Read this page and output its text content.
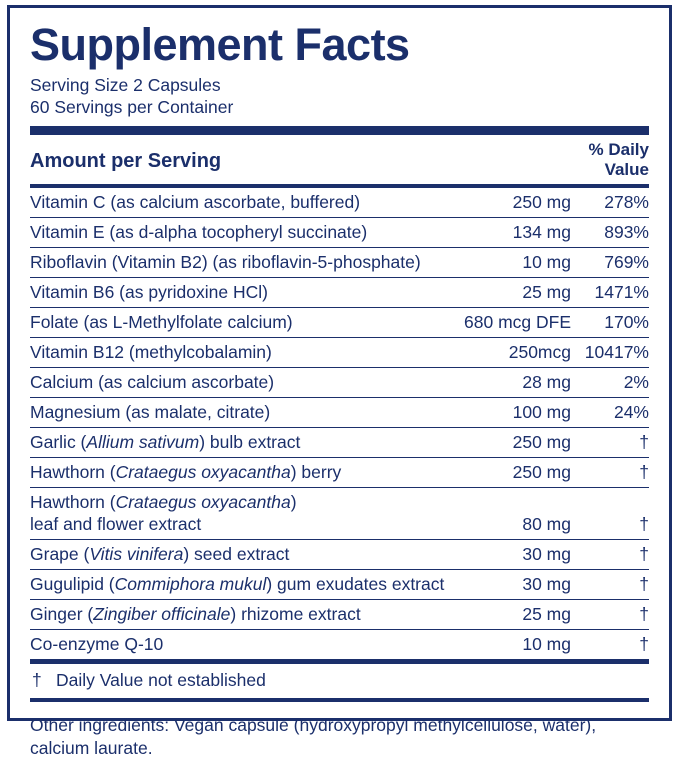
Supplement Facts
Serving Size 2 Capsules
60 Servings per Container
Amount per Serving
% Daily
Value
Vitamin C (as calcium ascorbate, buffered)	250 mg	278%
Vitamin E (as d-alpha tocopheryl succinate)	134 mg	893%
Riboflavin (Vitamin B2) (as riboflavin-5-phosphate)	10 mg	769%
Vitamin B6 (as pyridoxine HCl)	25 mg	1471%
Folate (as L-Methylfolate calcium)	680 mcg DFE	170%
Vitamin B12 (methylcobalamin)	250mcg	10417%
Calcium (as calcium ascorbate)	28 mg	2%
Magnesium (as malate, citrate)	100 mg	24%
Garlic (Allium sativum) bulb extract	250 mg	†
Hawthorn (Crataegus oxyacantha) berry	250 mg	†
Hawthorn (Crataegus oxyacantha)		
leaf and flower extract	80 mg	†
Grape (Vitis vinifera) seed extract	30 mg	†
Gugulipid (Commiphora mukul) gum exudates extract	30 mg	†
Ginger (Zingiber officinale) rhizome extract	25 mg	†
Co-enzyme Q-10	10 mg	†
† Daily Value not established
Other ingredients: Vegan capsule (hydroxypropyl methylcellulose, water),
calcium laurate.
